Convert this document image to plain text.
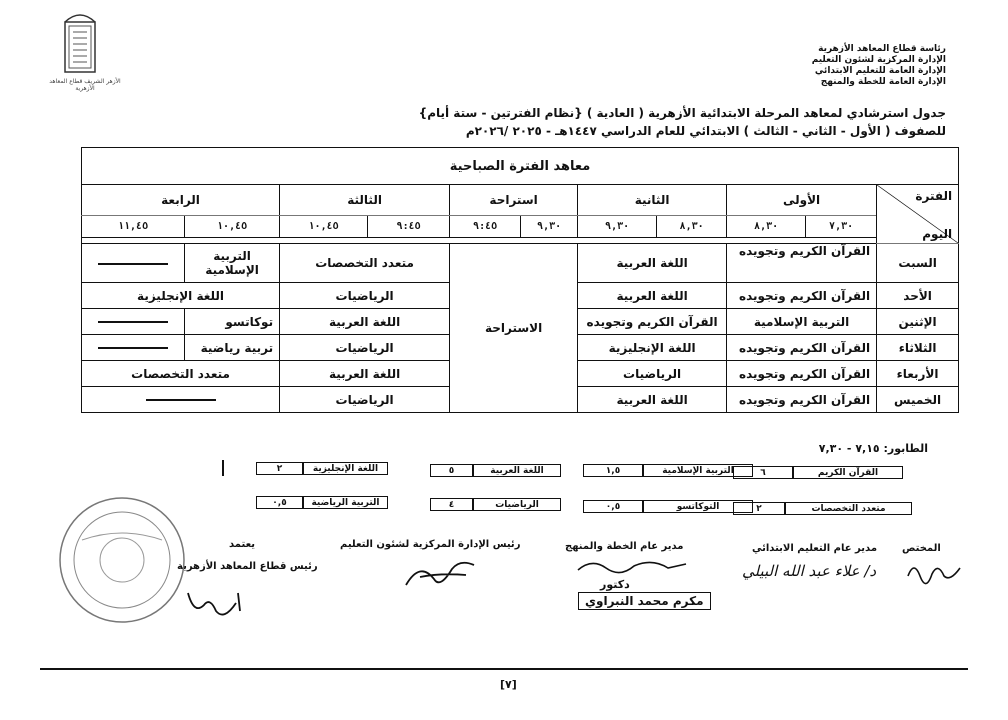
رئاسة قطاع المعاهد الأزهرية
الإدارة المركزية لشئون التعليم
الإدارة العامة للتعليم الابتدائي
الإدارة العامة للخطة والمنهج
الأزهر الشريف قطاع المعاهد الأزهرية
جدول استرشادي لمعاهد المرحلة الابتدائية الأزهرية ( العادية ) {نظام الفترتين - ستة أيام}
للصفوف ( الأول - الثاني - الثالث ) الابتدائي للعام الدراسي ١٤٤٧هـ - ٢٠٢٥ /٢٠٢٦م
معاهد الفترة الصباحية										

الفترة
اليوم	الأولى		الثانية		استراحة		الثالثة		الرابعة	
	٧,٣٠	٨,٣٠	٨,٣٠	٩,٣٠	٩,٣٠	٩:٤٥	٩:٤٥	١٠,٤٥	١٠,٤٥	١١,٤٥

السبت	القرآن الكريم وتجويده		اللغة العربية		الاستراحة		متعدد التخصصات		التربية الإسلامية	
الأحد	القرآن الكريم وتجويده		اللغة العربية				الرياضيات		اللغة الإنجليزية	
الإثنين	التربية الإسلامية		القرآن الكريم وتجويده				اللغة العربية		توكاتسو	
الثلاثاء	القرآن الكريم وتجويده		اللغة الإنجليزية				الرياضيات		تربية رياضية	
الأربعاء	القرآن الكريم وتجويده		الرياضيات				اللغة العربية		متعدد التخصصات	
الخميس	القرآن الكريم وتجويده		اللغة العربية				الرياضيات			
الطابور: ٧,١٥ - ٧,٣٠
القرآن الكريم
٦
التربية الإسلامية
١,٥
اللغة العربية
٥
اللغة الإنجليزية
٢
متعدد التخصصات
٢
التوكاتسو
٠,٥
الرياضيات
٤
التربية الرياضية
٠,٥
المختص
مدير عام التعليم الابتدائي
د/ علاء عبد الله البيلي
مدير عام الخطة والمنهج
دكتور
مكرم محمد النبراوي
رئيس الإدارة المركزية لشئون التعليم
يعتمد
رئيس قطاع المعاهد الأزهرية
[٧]
